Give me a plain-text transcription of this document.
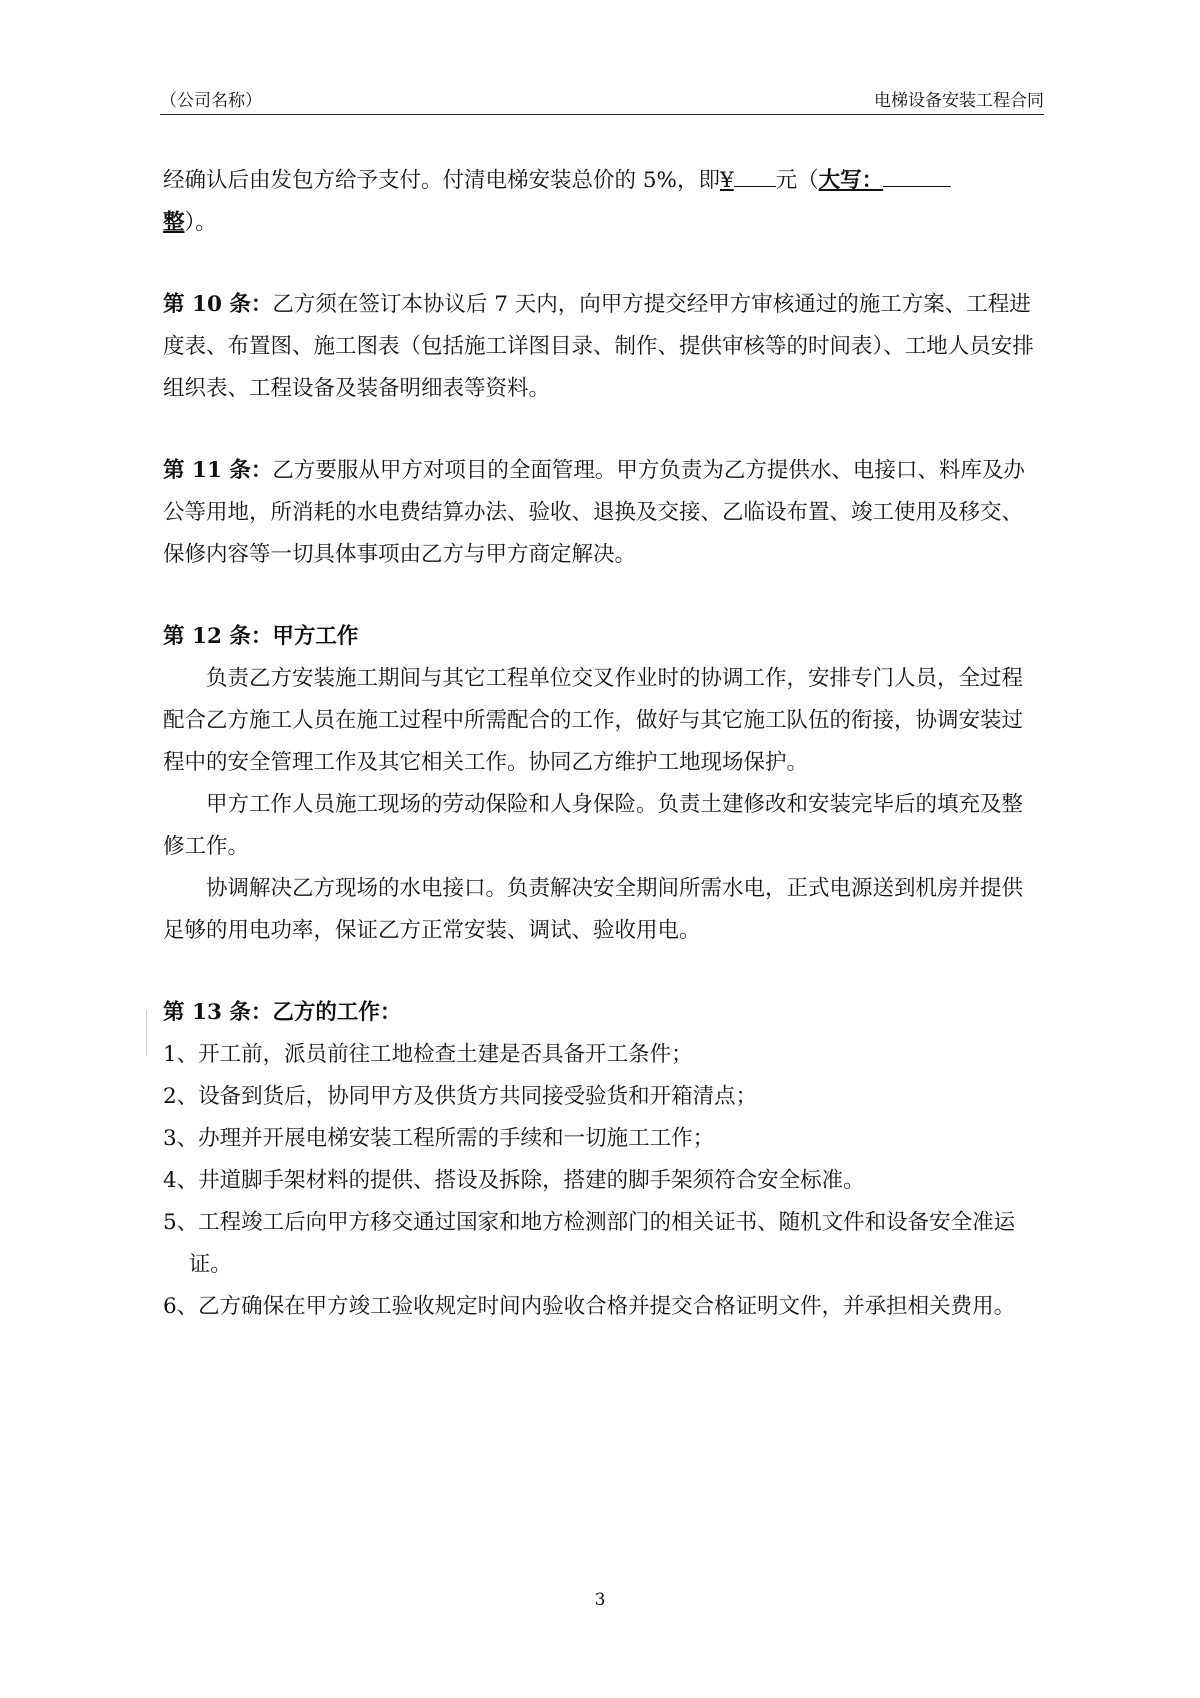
（公司名称）	电梯设备安装工程合同

经确认后由发包方给予支付。付清电梯安装总价的 5%，即¥ 元（大写：
整）。

第 10 条：乙方须在签订本协议后 7 天内，向甲方提交经甲方审核通过的施工方案、工程进度表、布置图、施工图表（包括施工详图目录、制作、提供审核等的时间表）、工地人员安排组织表、工程设备及装备明细表等资料。

第 11 条：乙方要服从甲方对项目的全面管理。甲方负责为乙方提供水、电接口、料库及办公等用地，所消耗的水电费结算办法、验收、退换及交接、乙临设布置、竣工使用及移交、保修内容等一切具体事项由乙方与甲方商定解决。

第 12 条：甲方工作

负责乙方安装施工期间与其它工程单位交叉作业时的协调工作，安排专门人员，全过程配合乙方施工人员在施工过程中所需配合的工作，做好与其它施工队伍的衔接，协调安装过程中的安全管理工作及其它相关工作。协同乙方维护工地现场保护。

甲方工作人员施工现场的劳动保险和人身保险。负责土建修改和安装完毕后的填充及整修工作。

协调解决乙方现场的水电接口。负责解决安全期间所需水电，正式电源送到机房并提供足够的用电功率，保证乙方正常安装、调试、验收用电。

第 13 条：乙方的工作：

1、开工前，派员前往工地检查土建是否具备开工条件；

2、设备到货后，协同甲方及供货方共同接受验货和开箱清点；

3、办理并开展电梯安装工程所需的手续和一切施工工作；

4、井道脚手架材料的提供、搭设及拆除，搭建的脚手架须符合安全标准。

5、工程竣工后向甲方移交通过国家和地方检测部门的相关证书、随机文件和设备安全准运证。

6、乙方确保在甲方竣工验收规定时间内验收合格并提交合格证明文件，并承担相关费用。

3
